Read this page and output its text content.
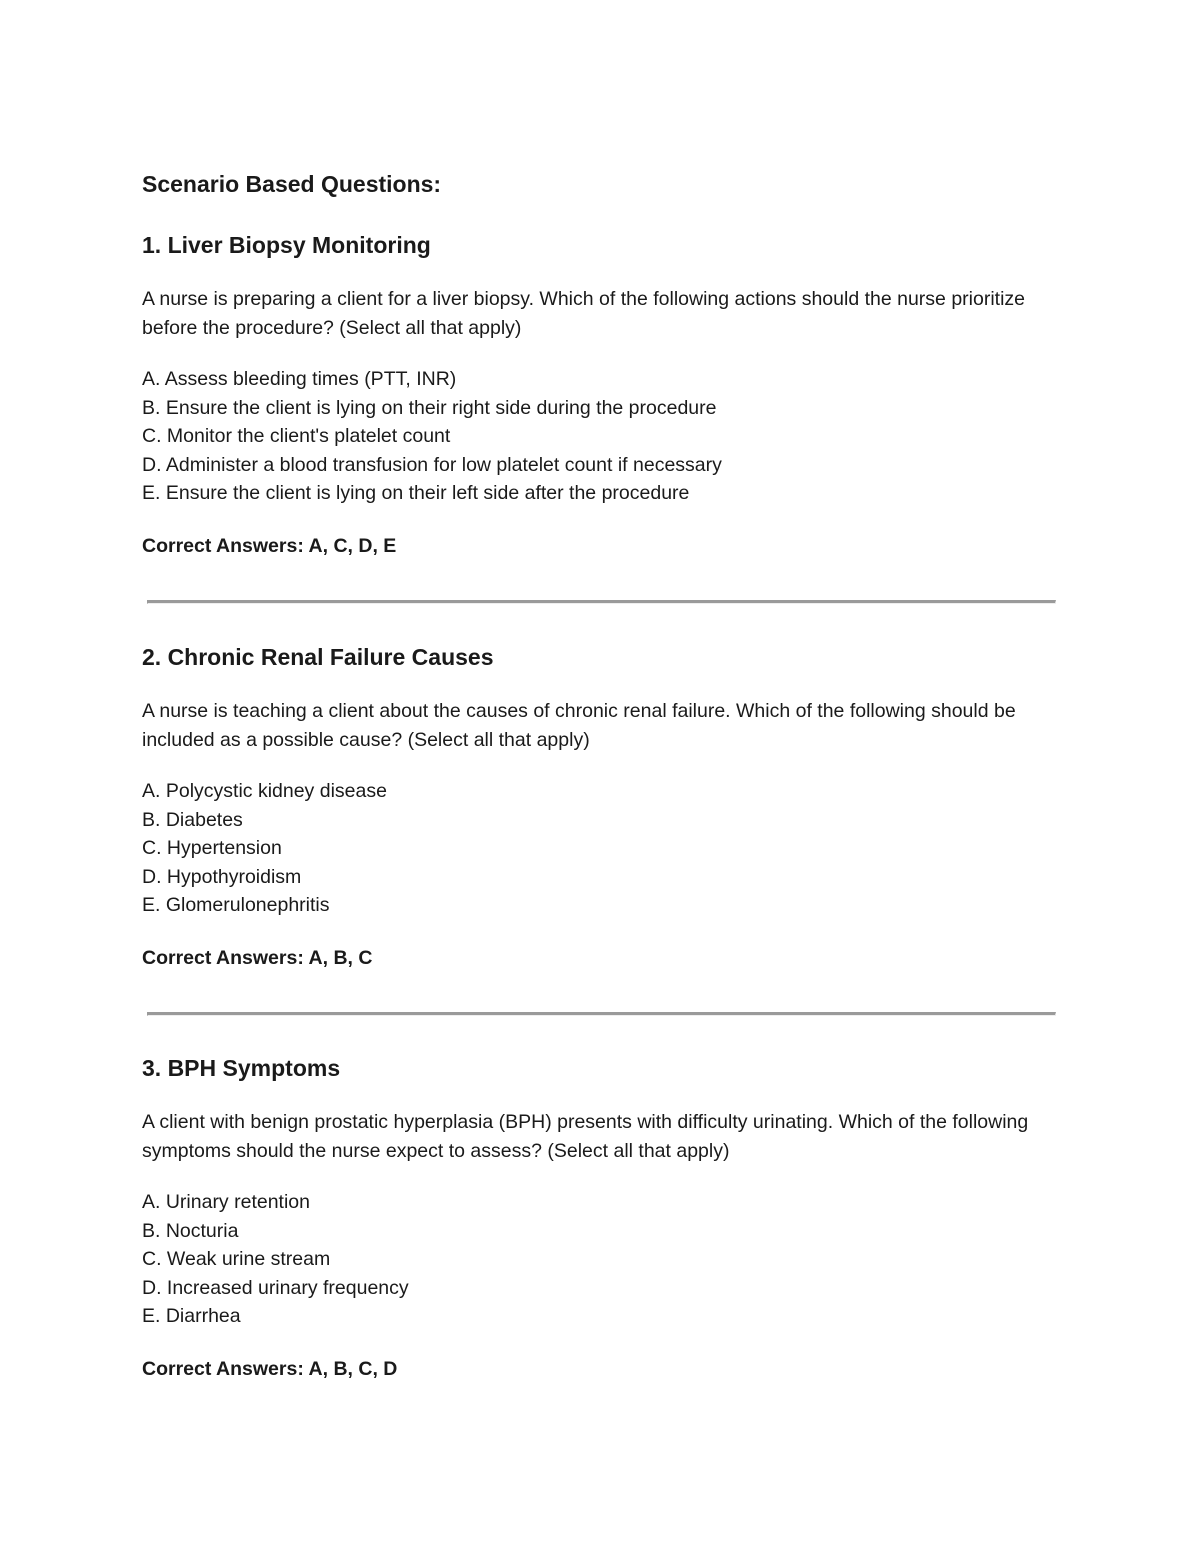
Scenario Based Questions:
1. Liver Biopsy Monitoring

A nurse is preparing a client for a liver biopsy. Which of the following actions should the nurse prioritize before the procedure? (Select all that apply)

A. Assess bleeding times (PTT, INR)
B. Ensure the client is lying on their right side during the procedure
C. Monitor the client's platelet count
D. Administer a blood transfusion for low platelet count if necessary
E. Ensure the client is lying on their left side after the procedure

Correct Answers: A, C, D, E

2. Chronic Renal Failure Causes

A nurse is teaching a client about the causes of chronic renal failure. Which of the following should be included as a possible cause? (Select all that apply)

A. Polycystic kidney disease
B. Diabetes
C. Hypertension
D. Hypothyroidism
E. Glomerulonephritis

Correct Answers: A, B, C

3. BPH Symptoms

A client with benign prostatic hyperplasia (BPH) presents with difficulty urinating. Which of the following symptoms should the nurse expect to assess? (Select all that apply)

A. Urinary retention
B. Nocturia
C. Weak urine stream
D. Increased urinary frequency
E. Diarrhea

Correct Answers: A, B, C, D
